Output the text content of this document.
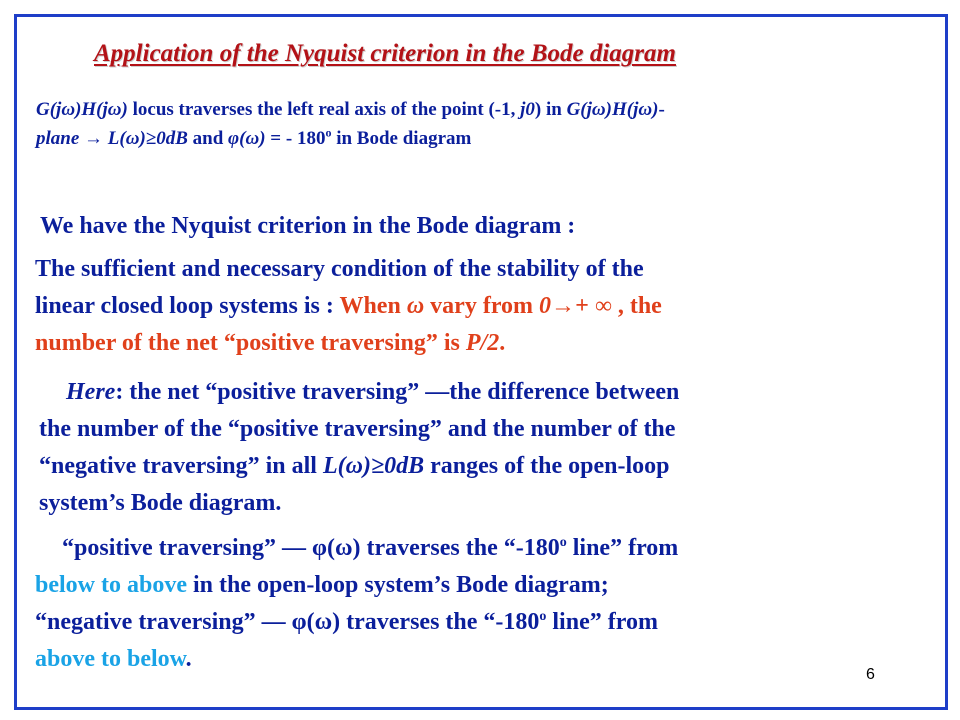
Application of the Nyquist criterion in the Bode diagram
G(jω)H(jω) locus traverses the left real axis of the point (-1, j0) in G(jω)H(jω)-
plane → L(ω)≥0dB and φ(ω) = - 180$^o$ in Bode diagram
We have the Nyquist criterion in the Bode diagram :
The sufficient and necessary condition of the stability of the
linear closed loop systems is : When ω vary from 0→+ ∞ , the
number of the net “positive traversing” is P/2.
Here: the net “positive traversing” —the difference between
the number of the “positive traversing” and the number of the
“negative traversing” in all L(ω)≥0dB ranges of the open-loop
system’s Bode diagram.
“positive traversing” — φ(ω) traverses the “-180$^o$ line” from
below to above in the open-loop system’s Bode diagram;
“negative traversing” — φ(ω) traverses the “-180$^o$ line” from
above to below.
6
